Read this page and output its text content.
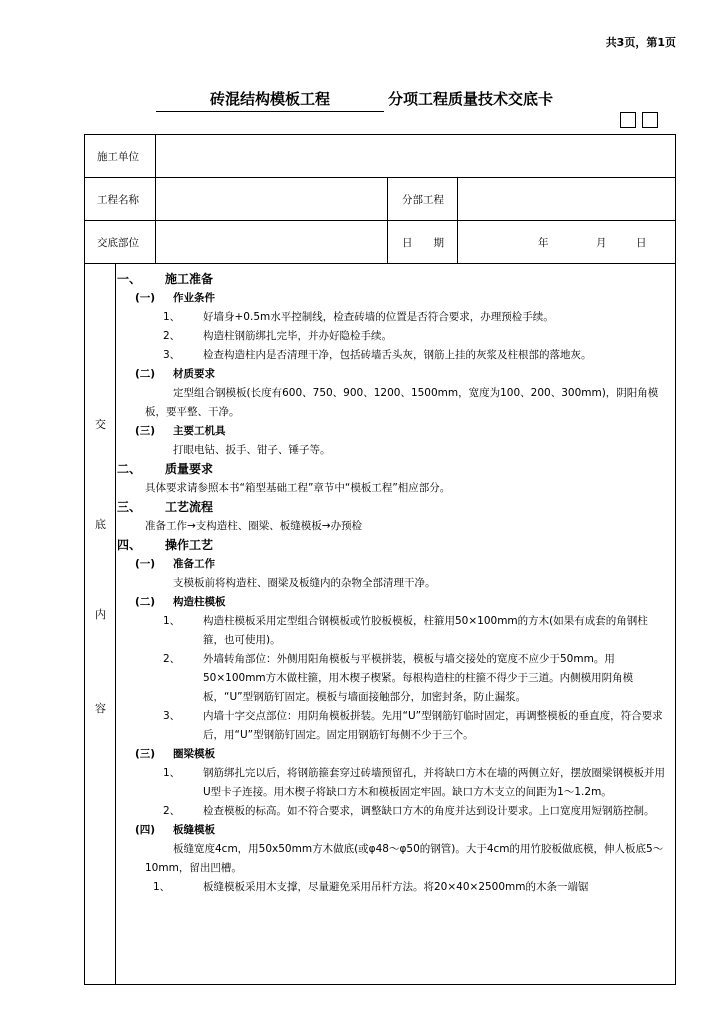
共3页，第1页
砖混结构模板工程	分项工程质量技术交底卡
施工单位
工程名称	分部工程
交底部位	日　　期	年	月	日
交
底
内
容
一、 施工准备
(一) 作业条件
1、 好墙身+0.5m水平控制线，检查砖墙的位置是否符合要求，办理预检手续。
2、 构造柱钢筋绑扎完毕，并办好隐检手续。
3、 检查构造柱内是否清理干净，包括砖墙舌头灰，钢筋上挂的灰浆及柱根部的落地灰。
(二) 材质要求
定型组合钢模板(长度有600、750、900、1200、1500mm，宽度为100、200、300mm)，阴阳角模板，要平整、干净。
(三) 主要工机具
打眼电钻、扳手、钳子、锤子等。
二、 质量要求
具体要求请参照本书“箱型基础工程”章节中“模板工程”相应部分。
三、 工艺流程
准备工作→支构造柱、圈梁、板缝模板→办预检
四、 操作工艺
(一) 准备工作
支模板前将构造柱、圈梁及板缝内的杂物全部清理干净。
(二) 构造柱模板
1、 构造柱模板采用定型组合钢模板或竹胶板模板，柱箍用50×100mm的方木(如果有成套的角钢柱箍，也可使用)。
2、 外墙转角部位：外侧用阳角模板与平模拼装，模板与墙交接处的宽度不应少于50mm。用50×100mm方木做柱箍，用木楔子楔紧。每根构造柱的柱箍不得少于三道。内侧模用阴角模板，“U”型钢筋钉固定。模板与墙面接触部分，加密封条，防止漏浆。
3、 内墙十字交点部位：用阴角模板拼装。先用“U”型钢筋钉临时固定，再调整模板的垂直度，符合要求后，用“U”型钢筋钉固定。固定用钢筋钉每侧不少于三个。
(三) 圈梁模板
1、 钢筋绑扎完以后，将钢筋箍套穿过砖墙预留孔，并将缺口方木在墙的两侧立好，摆放圈梁钢模板并用U型卡子连接。用木楔子将缺口方木和模板固定牢固。缺口方木支立的间距为1～1.2m。
2、 检查模板的标高。如不符合要求，调整缺口方木的角度并达到设计要求。上口宽度用短钢筋控制。
(四) 板缝模板
板缝宽度4cm，用50x50mm方木做底(或φ48～φ50的钢管)。大于4cm的用竹胶板做底模，伸人板底5～10mm，留出凹槽。
1、	板缝模板采用木支撑，尽量避免采用吊杆方法。将20×40×2500mm的木条一端锯
